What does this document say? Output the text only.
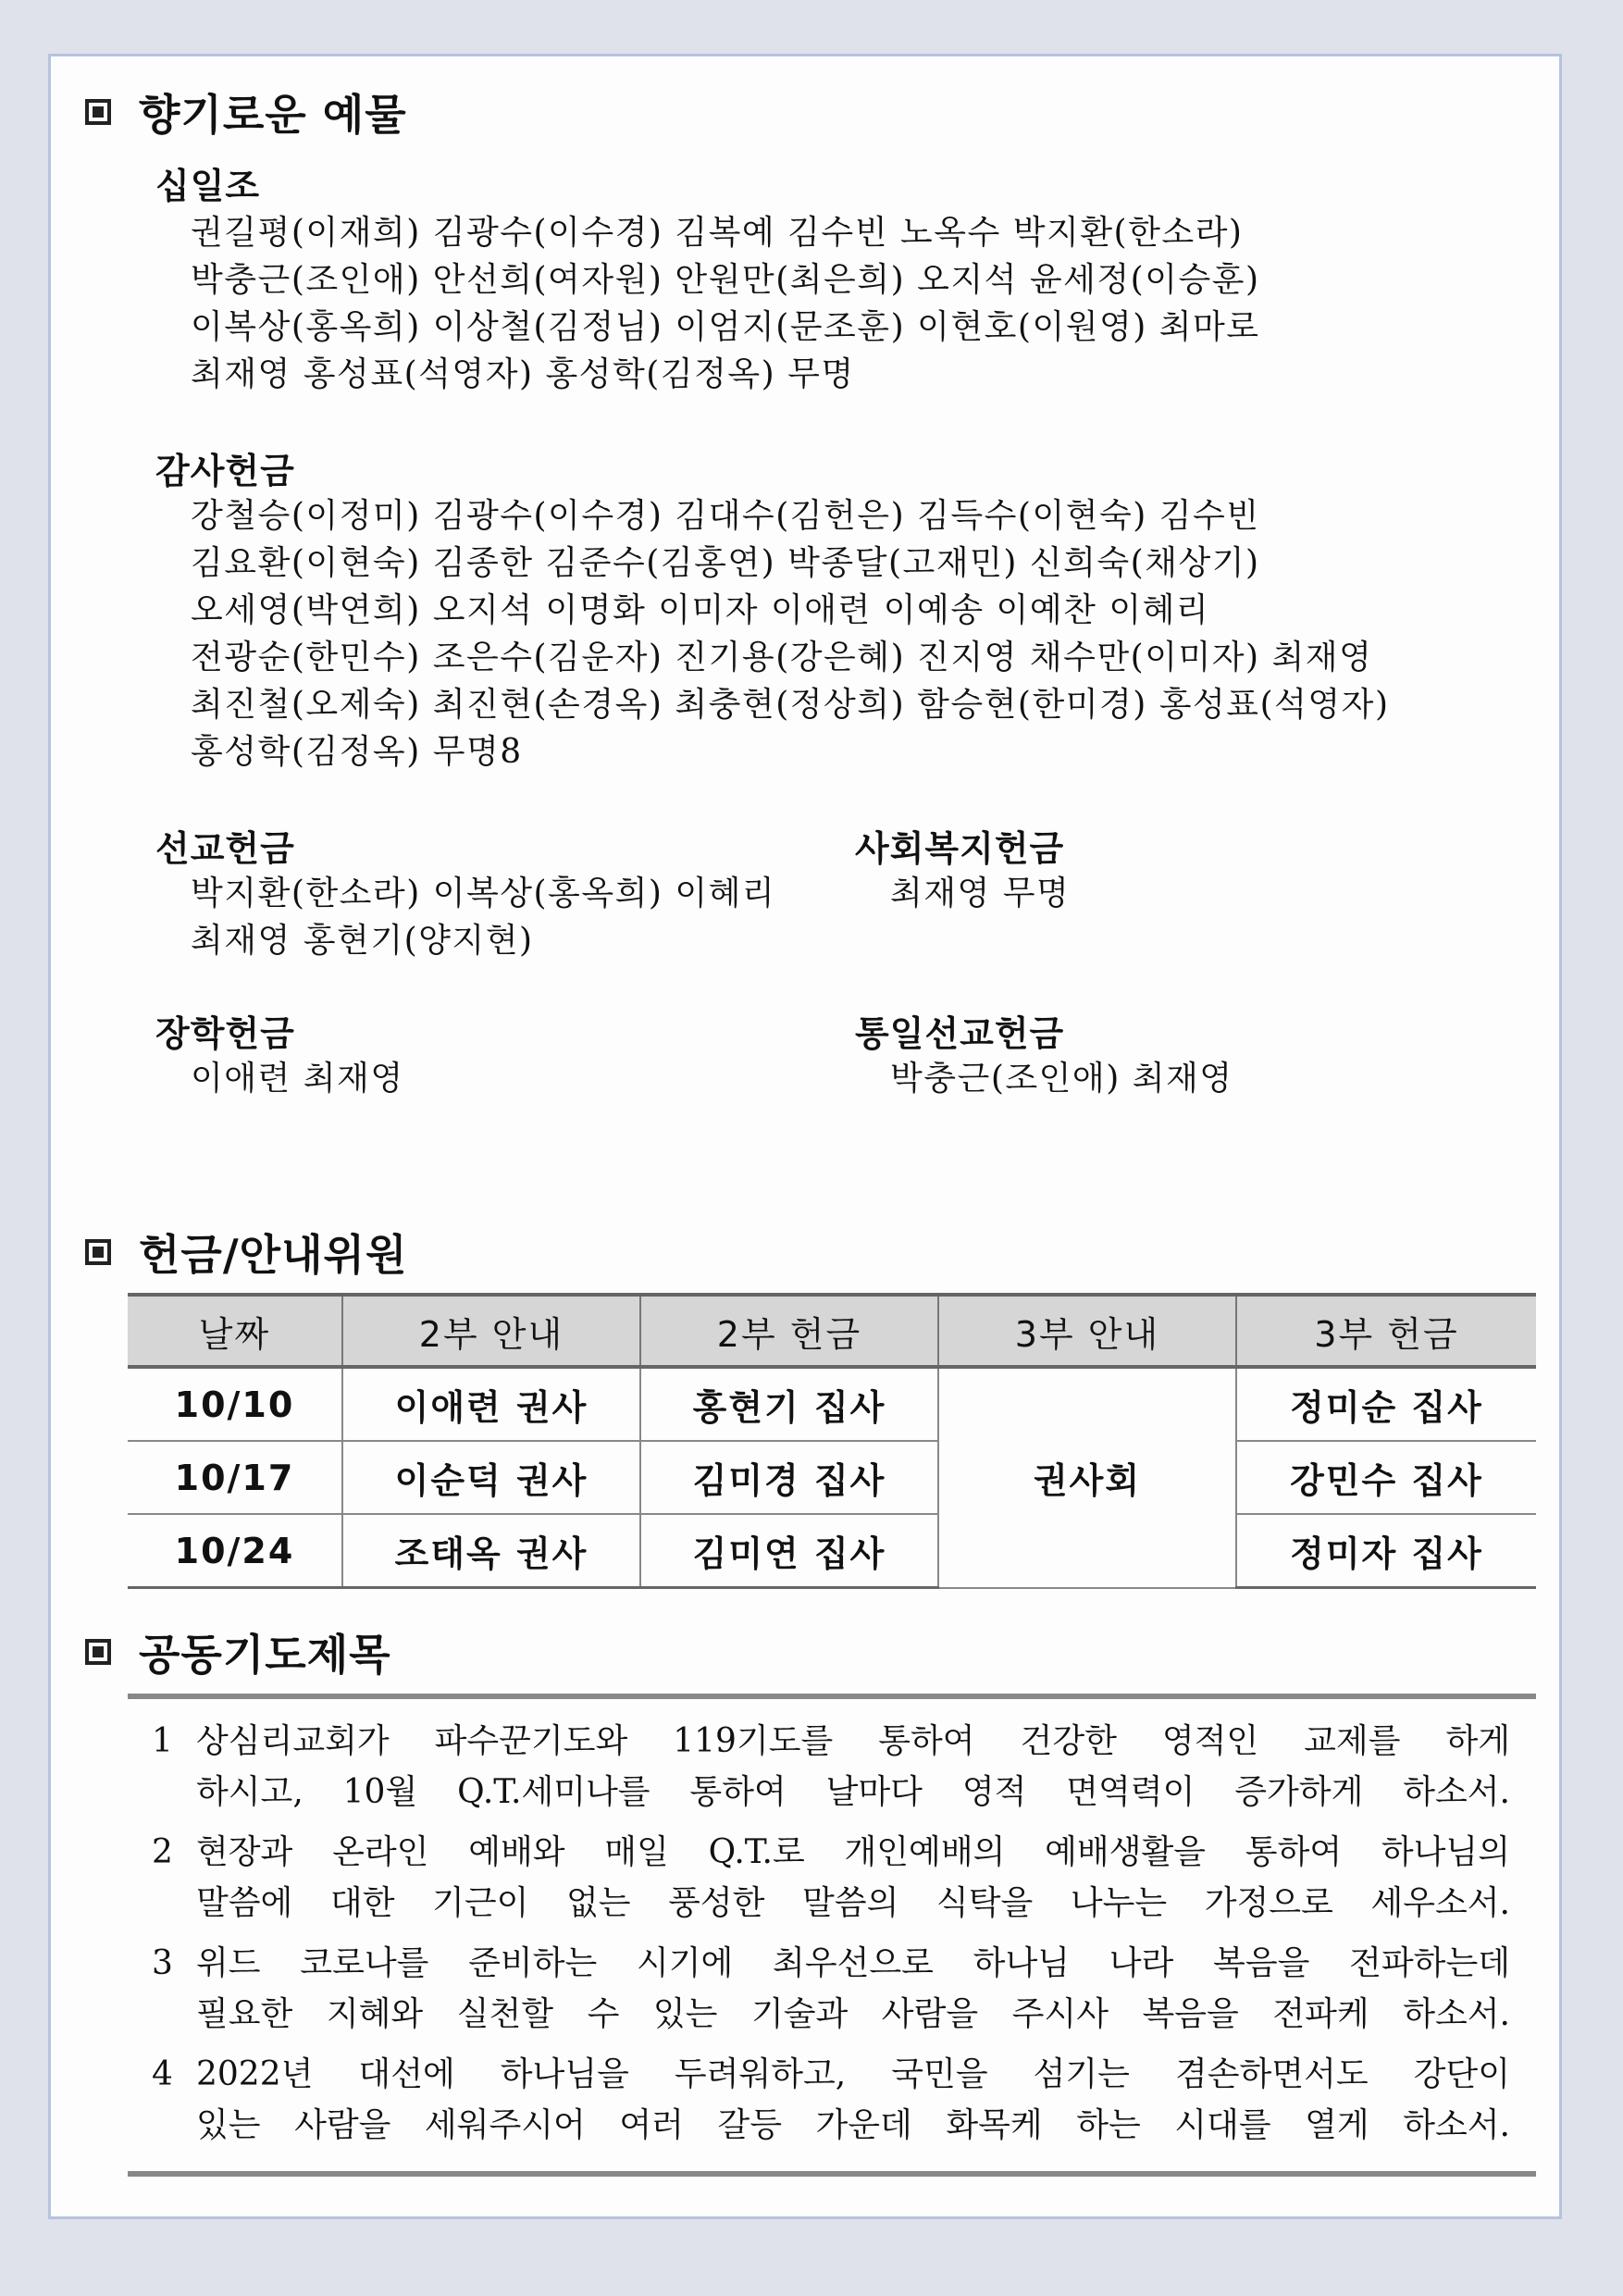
향기로운 예물
십일조
권길평(이재희) 김광수(이수경) 김복예 김수빈 노옥수 박지환(한소라)
박충근(조인애) 안선희(여자원) 안원만(최은희) 오지석 윤세정(이승훈)
이복상(홍옥희) 이상철(김정님) 이엄지(문조훈) 이현호(이원영) 최마로
최재영 홍성표(석영자) 홍성학(김정옥) 무명
감사헌금
강철승(이정미) 김광수(이수경) 김대수(김헌은) 김득수(이현숙) 김수빈
김요환(이현숙) 김종한 김준수(김홍연) 박종달(고재민) 신희숙(채상기)
오세영(박연희) 오지석 이명화 이미자 이애련 이예송 이예찬 이혜리
전광순(한민수) 조은수(김운자) 진기용(강은혜) 진지영 채수만(이미자) 최재영
최진철(오제숙) 최진현(손경옥) 최충현(정상희) 함승현(한미경) 홍성표(석영자)
홍성학(김정옥) 무명8
선교헌금
박지환(한소라) 이복상(홍옥희) 이혜리
최재영 홍현기(양지현)
사회복지헌금
최재영 무명
장학헌금
이애련 최재영
통일선교헌금
박충근(조인애) 최재영
헌금/안내위원
날짜	2부 안내	2부 헌금	3부 안내	3부 헌금
10/10	이애련 권사	홍현기 집사	권사회	정미순 집사
10/17	이순덕 권사	김미경 집사		강민수 집사
10/24	조태옥 권사	김미연 집사		정미자 집사
공동기도제목
1 상심리교회가 파수꾼기도와 119기도를 통하여 건강한 영적인 교제를 하게
하시고, 10월 Q.T.세미나를 통하여 날마다 영적 면역력이 증가하게 하소서.
2 현장과 온라인 예배와 매일 Q.T.로 개인예배의 예배생활을 통하여 하나님의
말씀에 대한 기근이 없는 풍성한 말씀의 식탁을 나누는 가정으로 세우소서.
3 위드 코로나를 준비하는 시기에 최우선으로 하나님 나라 복음을 전파하는데
필요한 지혜와 실천할 수 있는 기술과 사람을 주시사 복음을 전파케 하소서.
4 2022년 대선에 하나님을 두려워하고, 국민을 섬기는 겸손하면서도 강단이
있는 사람을 세워주시어 여러 갈등 가운데 화목케 하는 시대를 열게 하소서.
